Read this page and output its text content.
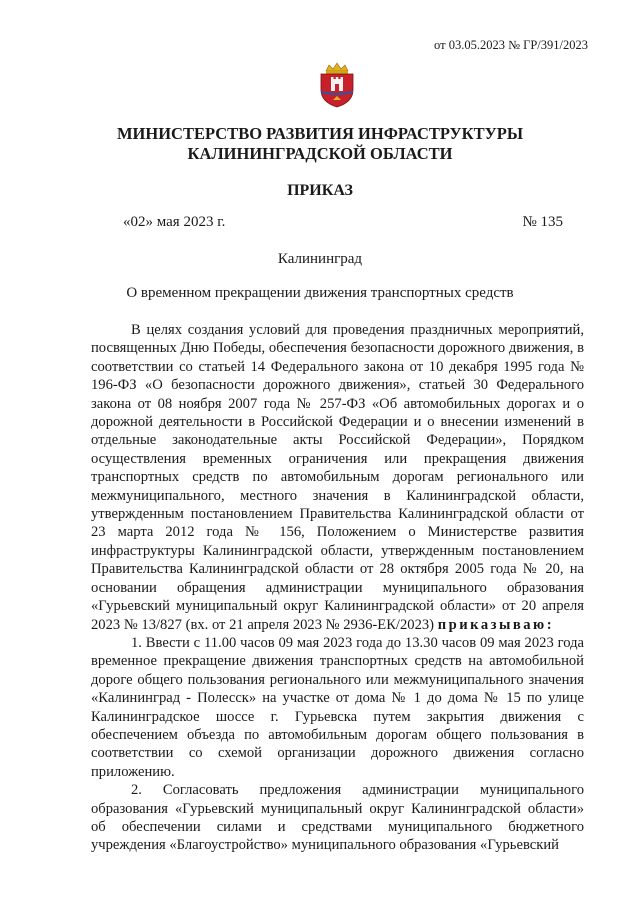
от 03.05.2023 № ГР/391/2023
МИНИСТЕРСТВО РАЗВИТИЯ ИНФРАСТРУКТУРЫ
КАЛИНИНГРАДСКОЙ ОБЛАСТИ
ПРИКАЗ
«02» мая 2023 г.	№ 135
Калининград
О временном прекращении движения транспортных средств

В целях создания условий для проведения праздничных мероприятий, посвященных Дню Победы, обеспечения безопасности дорожного движения, в соответствии со статьей 14 Федерального закона от 10 декабря 1995 года № 196-ФЗ «О безопасности дорожного движения», статьей 30 Федерального закона от 08 ноября 2007 года № 257-ФЗ «Об автомобильных дорогах и о дорожной деятельности в Российской Федерации и о внесении изменений в отдельные законодательные акты Российской Федерации», Порядком осуществления временных ограничения или прекращения движения транспортных средств по автомобильным дорогам регионального или межмуниципального, местного значения в Калининградской области, утвержденным постановлением Правительства Калининградской области от 23 марта 2012 года № 156, Положением о Министерстве развития инфраструктуры Калининградской области, утвержденным постановлением Правительства Калининградской области от 28 октября 2005 года № 20, на основании обращения администрации муниципального образования «Гурьевский муниципальный округ Калининградской области» от 20 апреля 2023 № 13/827 (вх. от 21 апреля 2023 № 2936-ЕК/2023) приказываю:

1. Ввести с 11.00 часов 09 мая 2023 года до 13.30 часов 09 мая 2023 года временное прекращение движения транспортных средств на автомобильной дороге общего пользования регионального или межмуниципального значения «Калининград - Полесск» на участке от дома № 1 до дома № 15 по улице Калининградское шоссе г. Гурьевска путем закрытия движения с обеспечением объезда по автомобильным дорогам общего пользования в соответствии со схемой организации дорожного движения согласно приложению.

2. Согласовать предложения администрации муниципального образования «Гурьевский муниципальный округ Калининградской области» об обеспечении силами и средствами муниципального бюджетного учреждения «Благоустройство» муниципального образования «Гурьевский
